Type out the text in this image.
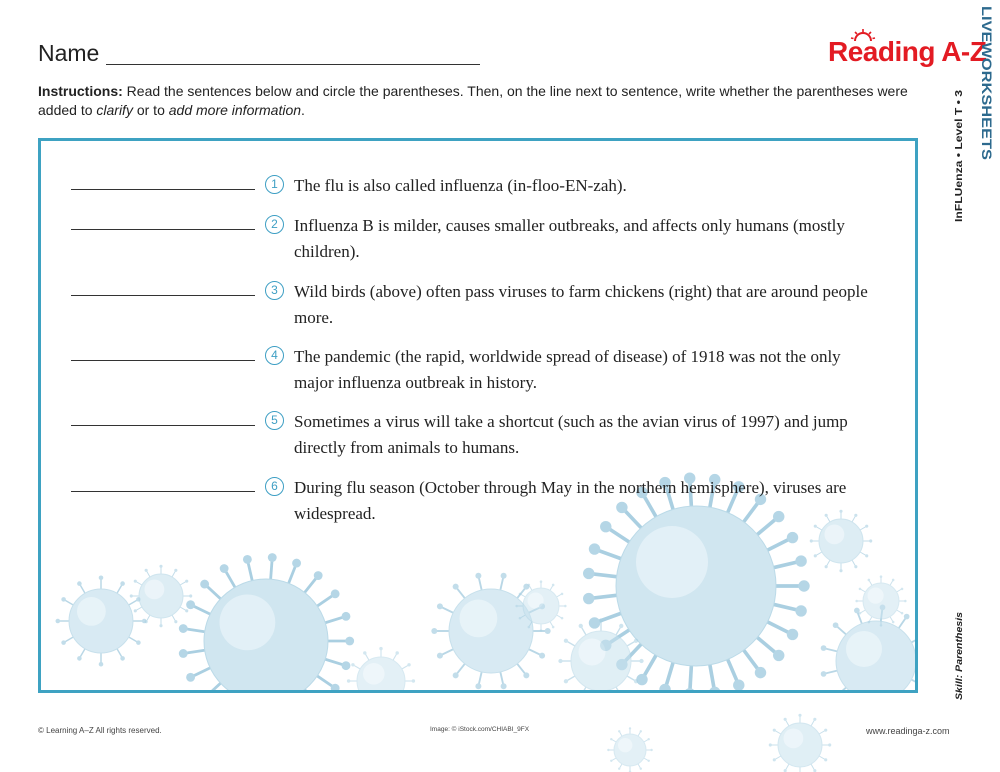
Name	Reading A-Z
Instructions: Read the sentences below and circle the parentheses. Then, on the line next to sentence, write whether the parentheses were added to clarify or to add more information.
1 The flu is also called influenza (in-floo-EN-zah).
2 Influenza B is milder, causes smaller outbreaks, and affects only humans (mostly children).
3 Wild birds (above) often pass viruses to farm chickens (right) that are around people more.
4 The pandemic (the rapid, worldwide spread of disease) of 1918 was not the only major influenza outbreak in history.
5 Sometimes a virus will take a shortcut (such as the avian virus of 1997) and jump directly from animals to humans.
6 During flu season (October through May in the northern hemisphere), viruses are widespread.
LIVEWORKSHEETS
InFLUenza • Level T • 3
Skill: Parenthesis
© Learning A–Z All rights reserved.	Image: © iStock.com/CHIABI_9FX	www.readinga-z.com
